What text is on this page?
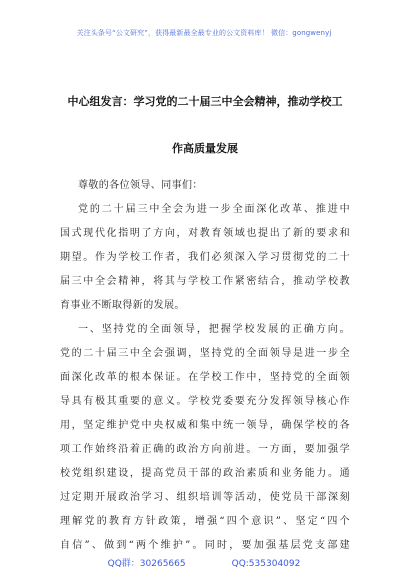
关注头条号“公文研究”，获得最新最全最专业的公文资料库！ 微信：gongwenyj
中心组发言：学习党的二十届三中全会精神，推动学校工
作高质量发展
尊敬的各位领导、同事们：
党的二十届三中全会为进一步全面深化改革、推进中
国式现代化指明了方向，对教育领域也提出了新的要求和
期望。作为学校工作者，我们必须深入学习贯彻党的二十
届三中全会精神，将其与学校工作紧密结合，推动学校教
育事业不断取得新的发展。
一、坚持党的全面领导，把握学校发展的正确方向。
党的二十届三中全会强调，坚持党的全面领导是进一步全
面深化改革的根本保证。在学校工作中，坚持党的全面领
导具有极其重要的意义。学校党委要充分发挥领导核心作
用，坚定维护党中央权威和集中统一领导，确保学校的各
项工作始终沿着正确的政治方向前进。一方面，要加强学
校党组织建设，提高党员干部的政治素质和业务能力。通
过定期开展政治学习、组织培训等活动，使党员干部深刻
理解党的教育方针政策，增强“四个意识”、坚定“四个
自信”、做到“两个维护”。同时，要加强基层党支部建
QQ群：30265665	QQ:535304092
